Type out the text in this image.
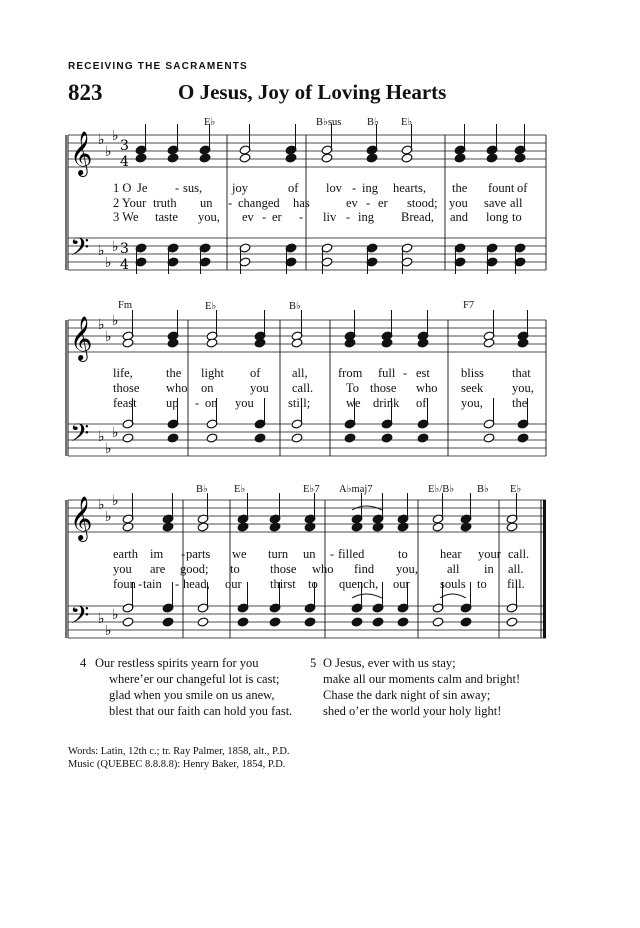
RECEIVING THE SACRAMENTS
823	O Jesus, Joy of Loving Hearts
𝄞
𝄢
♭
♭
♭
♭
♭
♭
3
4
3
4
𝄞
𝄢
♭
♭
♭
♭
♭
♭
𝄞
𝄢
♭
♭
♭
♭
♭
♭
E♭	B♭sus B♭ E♭
Fm	E♭	B♭	F7
B♭ E♭	E♭7 A♭maj7	E♭/B♭ B♭ E♭
1 O Je - sus, joy	of lov - ing hearts, the fount of
2 Your truth un - changed has	ev - er stood; you save all
3 We taste you, ev - er - liv - ing Bread, and long to
life,	the light of	all, from full - est bliss that
those who on	you call.	To those who seek you,
feast up - on you	still;	we drink of	you, the
earth im - parts we turn un - filled	to	hear your call.
you are good; to those who find you, all in all.
foun - tain - head, our thirst to quench, our souls to fill.
4 Our restless spirits yearn for you
where’er our changeful lot is cast;
glad when you smile on us anew,
blest that our faith can hold you fast.
5 O Jesus, ever with us stay;
make all our moments calm and bright!
Chase the dark night of sin away;
shed o’er the world your holy light!
Words: Latin, 12th c.; tr. Ray Palmer, 1858, alt., P.D.
Music (QUEBEC 8.8.8.8): Henry Baker, 1854, P.D.
